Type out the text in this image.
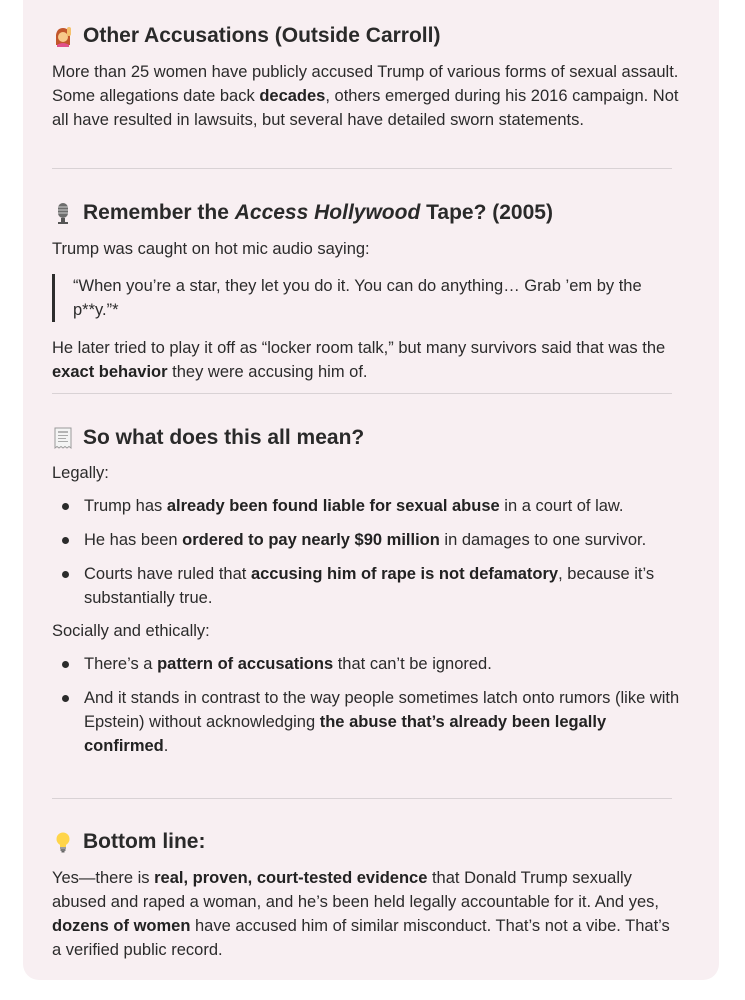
Other Accusations (Outside Carroll)

More than 25 women have publicly accused Trump of various forms of sexual assault. Some allegations date back decades, others emerged during his 2016 campaign. Not all have resulted in lawsuits, but several have detailed sworn statements.

Remember the Access Hollywood Tape? (2005)

Trump was caught on hot mic audio saying:

“When you’re a star, they let you do it. You can do anything… Grab ’em by the p**y.”*

He later tried to play it off as “locker room talk,” but many survivors said that was the exact behavior they were accusing him of.

So what does this all mean?

Legally:

Trump has already been found liable for sexual abuse in a court of law.
He has been ordered to pay nearly $90 million in damages to one survivor.
Courts have ruled that accusing him of rape is not defamatory, because it’s substantially true.

Socially and ethically:

There’s a pattern of accusations that can’t be ignored.
And it stands in contrast to the way people sometimes latch onto rumors (like with Epstein) without acknowledging the abuse that’s already been legally confirmed.
Bottom line:

Yes—there is real, proven, court-tested evidence that Donald Trump sexually abused and raped a woman, and he’s been held legally accountable for it. And yes, dozens of women have accused him of similar misconduct. That’s not a vibe. That’s a verified public record.
